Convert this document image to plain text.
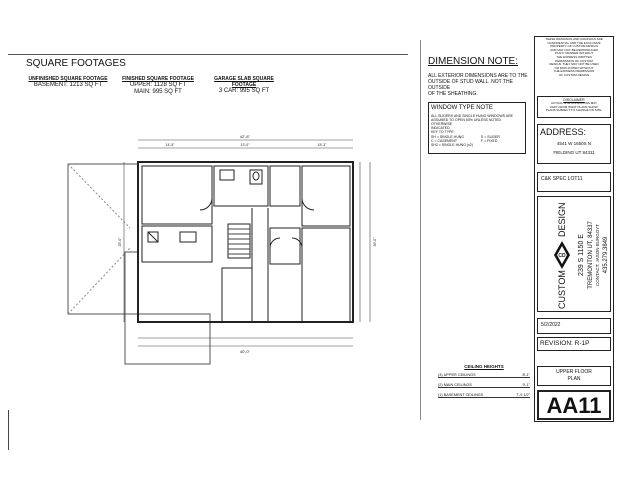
SQUARE FOOTAGES
UNFINISHED SQUARE FOOTAGE
BASEMENT: 1213 SQ FT
FINISHED SQUARE FOOTAGE
UPPER: 1128 SQ FT
MAIN: 995 SQ FT
GARAGE SLAB SQUARE FOOTAGE
3 CAR: 995 SQ FT
DIMENSION NOTE:
ALL EXTERIOR DIMENSIONS ARE TO THE
OUTSIDE OF STUD WALL. NOT THE OUTSIDE
OF THE SHEATHING.
WINDOW TYPE NOTE
ALL SLIDERS AND SINGLE HUNG WINDOWS ARE
ASSUMED TO OPEN 50% UNLESS NOTED OTHERWISE
INDICATED
KEY TO TYPE:
SH = SINGLE HUNG
C = CASEMENT
SH2 = SINGLE HUNG (x2)
S = SLIDER
F = FIXED
THESE DRAWINGS AND GRAPHICS ARE
CONFIDENTIAL AND THE EXCLUSIVE
PROPERTY OF CUSTOM DESIGN
AND MAY NOT BE REPRODUCED
IN ANY MANNER WITHOUT
THE EXPRESS WRITTEN
PERMISSION OF CUSTOM
DESIGN. THEY MAY NOT BE USED
OR DUPLICATED WITHOUT
THE EXPRESS PERMISSION
OF CUSTOM DESIGN
DISCLAIMER
ACTUAL SITE CONDITIONS MAY
VARY FROM WHAT PLANS SHOW.
PLANS SUBJECT TO CHANGE ON SITE.
ADDRESS:
4541 W 1650S N
FIELDING UT 84311
C&K SPEC LOT11
CD
CUSTOM
DESIGN
239 S 1150 E TREMONTON UT, 84337 CONTACT: JASON BURGOYT 435.279.3849
5/2/2022
REVISION: R-1P
UPPER FLOOR
PLAN
AA11
CEILING HEIGHTS
(3) UPPER CEILINGS	8'-1"
(2) MAIN CEILINGS	9'-1"
(1) BASEMENT CEILINGS	7'-9 1/2"
42'-8"
14'-5"	13'-0"	15'-3"
40'-0"
25'-0"	36'-0"
